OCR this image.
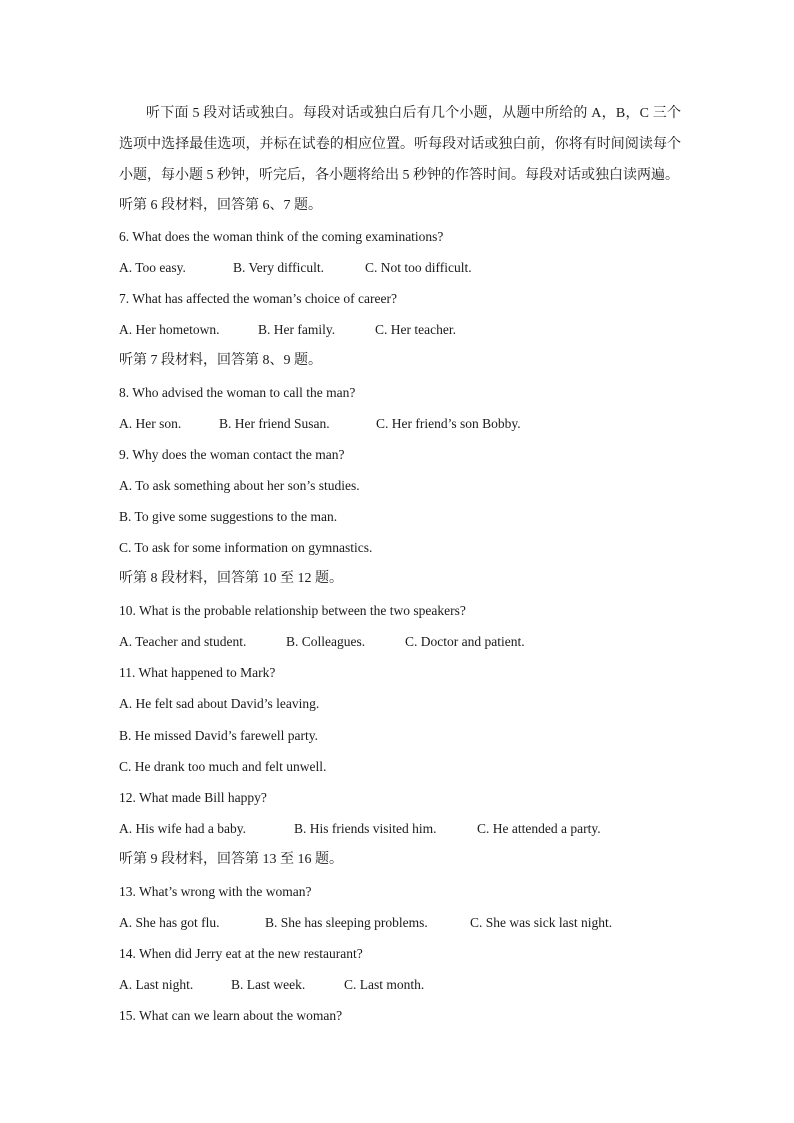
听下面 5 段对话或独白。每段对话或独白后有几个小题，从题中所给的 A，B，C 三个选项中选择最佳选项，并标在试卷的相应位置。听每段对话或独白前，你将有时间阅读每个小题，每小题 5 秒钟，听完后，各小题将给出 5 秒钟的作答时间。每段对话或独白读两遍。

听第 6 段材料，回答第 6、7 题。

6. What does the woman think of the coming examinations?

A. Too easy.	B. Very difficult.	C. Not too difficult.

7. What has affected the woman’s choice of career?

A. Her hometown.	B. Her family.	C. Her teacher.

听第 7 段材料，回答第 8、9 题。

8. Who advised the woman to call the man?

A. Her son.	B. Her friend Susan.	C. Her friend’s son Bobby.

9. Why does the woman contact the man?

A. To ask something about her son’s studies.

B. To give some suggestions to the man.

C. To ask for some information on gymnastics.

听第 8 段材料，回答第 10 至 12 题。

10. What is the probable relationship between the two speakers?

A. Teacher and student.	B. Colleagues.	C. Doctor and patient.

11. What happened to Mark?

A. He felt sad about David’s leaving.

B. He missed David’s farewell party.

C. He drank too much and felt unwell.

12. What made Bill happy?

A. His wife had a baby.	B. His friends visited him.	C. He attended a party.

听第 9 段材料，回答第 13 至 16 题。

13. What’s wrong with the woman?

A. She has got flu.	B. She has sleeping problems.	C. She was sick last night.

14. When did Jerry eat at the new restaurant?

A. Last night.	B. Last week.	C. Last month.

15. What can we learn about the woman?
